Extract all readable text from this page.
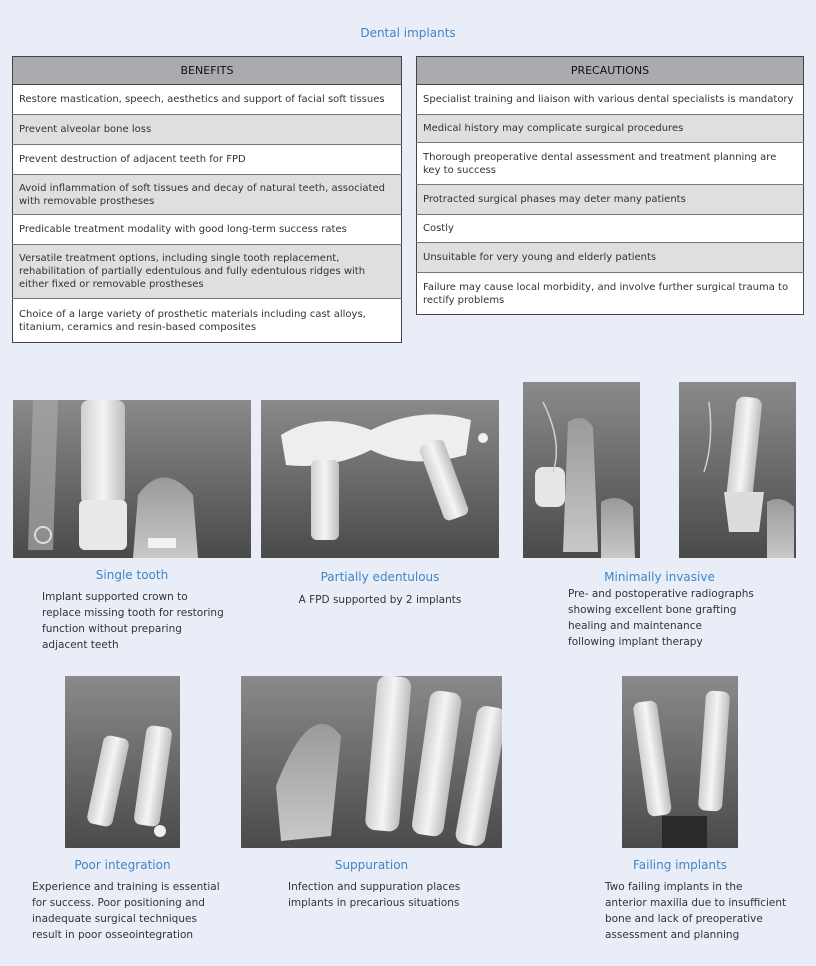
Dental implants
BENEFITS
Restore mastication, speech, aesthetics and support of facial soft tissues
Prevent alveolar bone loss
Prevent destruction of adjacent teeth for FPD
Avoid inflammation of soft tissues and decay of natural teeth, associated with removable prostheses
Predicable treatment modality with good long-term success rates
Versatile treatment options, including single tooth replacement, rehabilitation of partially edentulous and fully edentulous ridges with either fixed or removable prostheses
Choice of a large variety of prosthetic materials including cast alloys, titanium, ceramics and resin-based composites
PRECAUTIONS
Specialist training and liaison with various dental specialists is mandatory
Medical history may complicate surgical procedures
Thorough preoperative dental assessment and treatment planning are key to success
Protracted surgical phases may deter many patients
Costly
Unsuitable for very young and elderly patients
Failure may cause local morbidity, and involve further surgical trauma to rectify problems
Single tooth
Implant supported crown to
replace missing tooth for restoring
function without preparing
adjacent teeth
Partially edentulous
A FPD supported by 2 implants
Minimally invasive
Pre- and postoperative radiographs
showing excellent bone grafting
healing and maintenance
following implant therapy
Poor integration
Experience and training is essential
for success. Poor positioning and
inadequate surgical techniques
result in poor osseointegration
Suppuration
Infection and suppuration places
implants in precarious situations
Failing implants
Two failing implants in the
anterior maxilla due to insufficient
bone and lack of preoperative
assessment and planning
